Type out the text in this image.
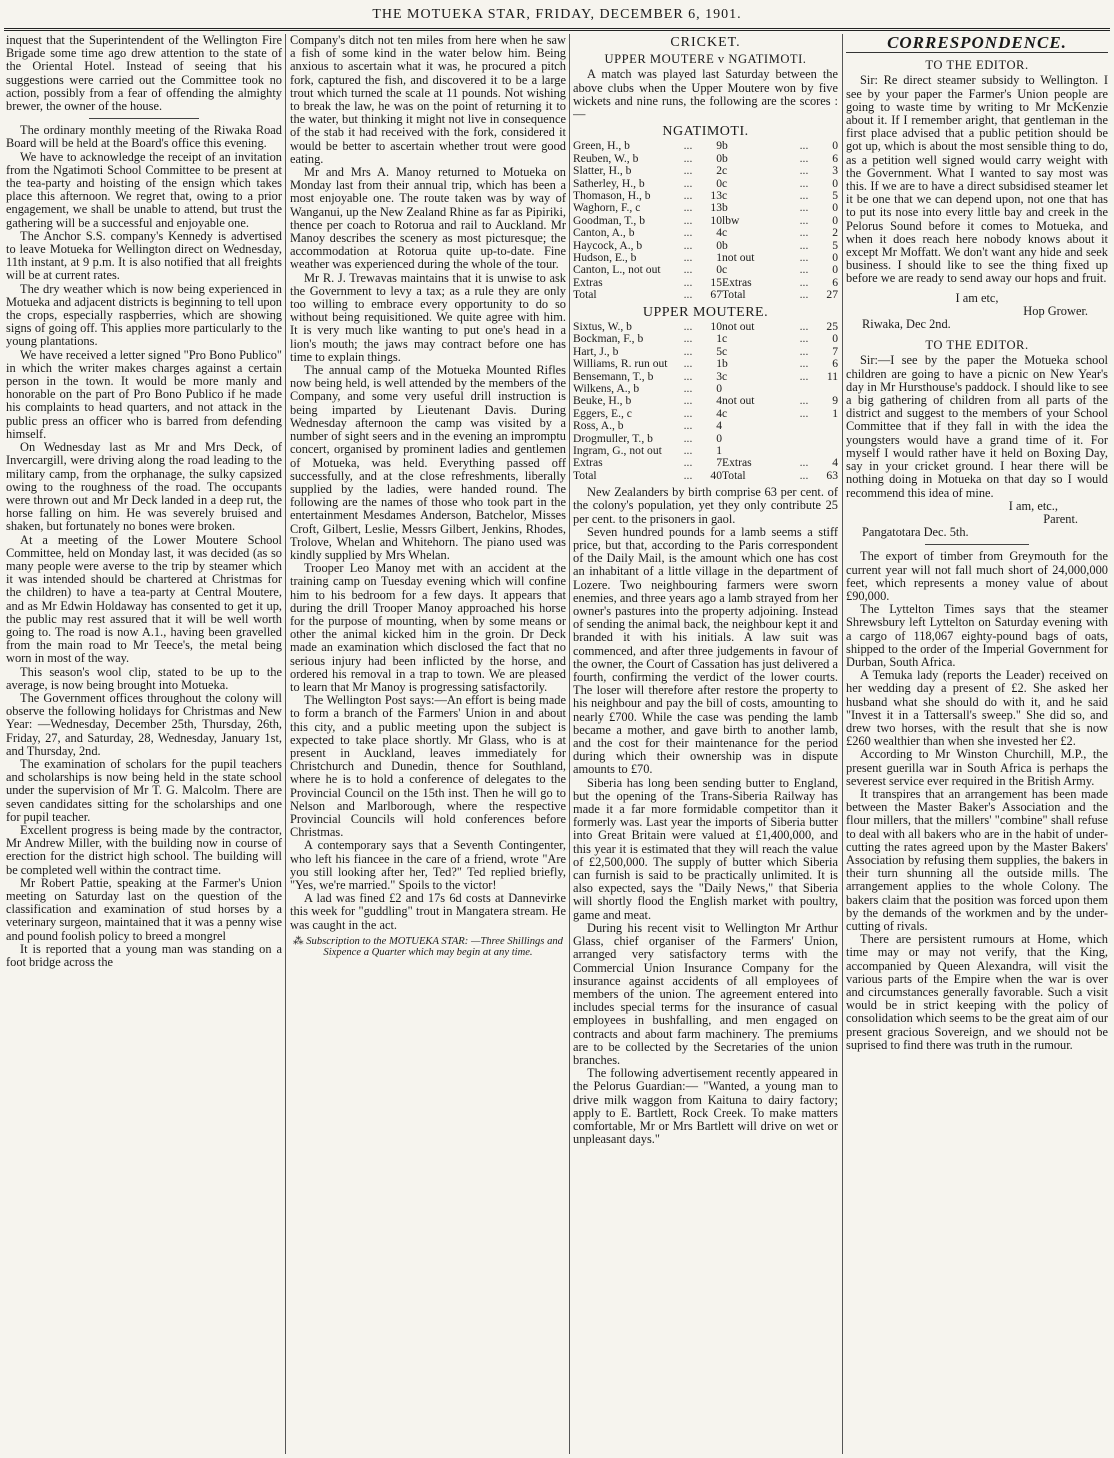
THE MOTUEKA STAR, FRIDAY, DECEMBER 6, 1901.

inquest that the Superintendent of the Wellington Fire Brigade some time ago drew attention to the state of the Oriental Hotel. Instead of seeing that his suggestions were carried out the Committee took no action, possibly from a fear of offending the almighty brewer, the owner of the house.

The ordinary monthly meeting of the Riwaka Road Board will be held at the Board's office this evening.

We have to acknowledge the receipt of an invitation from the Ngatimoti School Committee to be present at the tea-party and hoisting of the ensign which takes place this afternoon. We regret that, owing to a prior engagement, we shall be unable to attend, but trust the gathering will be a successful and enjoyable one.

The Anchor S.S. company's Kennedy is advertised to leave Motueka for Wellington direct on Wednesday, 11th instant, at 9 p.m. It is also notified that all freights will be at current rates.

The dry weather which is now being experienced in Motueka and adjacent districts is beginning to tell upon the crops, especially raspberries, which are showing signs of going off. This applies more particularly to the young plantations.

We have received a letter signed "Pro Bono Publico" in which the writer makes charges against a certain person in the town. It would be more manly and honorable on the part of Pro Bono Publico if he made his complaints to head quarters, and not attack in the public press an officer who is barred from defending himself.

On Wednesday last as Mr and Mrs Deck, of Invercargill, were driving along the road leading to the military camp, from the orphanage, the sulky capsized owing to the roughness of the road. The occupants were thrown out and Mr Deck landed in a deep rut, the horse falling on him. He was severely bruised and shaken, but fortunately no bones were broken.

At a meeting of the Lower Moutere School Committee, held on Monday last, it was decided (as so many people were averse to the trip by steamer which it was intended should be chartered at Christmas for the children) to have a tea-party at Central Moutere, and as Mr Edwin Holdaway has consented to get it up, the public may rest assured that it will be well worth going to. The road is now A.1., having been gravelled from the main road to Mr Teece's, the metal being worn in most of the way.

This season's wool clip, stated to be up to the average, is now being brought into Motueka.

The Government offices throughout the colony will observe the following holidays for Christmas and New Year: —Wednesday, December 25th, Thursday, 26th, Friday, 27, and Saturday, 28, Wednesday, January 1st, and Thursday, 2nd.

The examination of scholars for the pupil teachers and scholarships is now being held in the state school under the supervision of Mr T. G. Malcolm. There are seven candidates sitting for the scholarships and one for pupil teacher.

Excellent progress is being made by the contractor, Mr Andrew Miller, with the building now in course of erection for the district high school. The building will be completed well within the contract time.

Mr Robert Pattie, speaking at the Farmer's Union meeting on Saturday last on the question of the classification and examination of stud horses by a veterinary surgeon, maintained that it was a penny wise and pound foolish policy to breed a mongrel

It is reported that a young man was standing on a foot bridge across the

Company's ditch not ten miles from here when he saw a fish of some kind in the water below him. Being anxious to ascertain what it was, he procured a pitch fork, captured the fish, and discovered it to be a large trout which turned the scale at 11 pounds. Not wishing to break the law, he was on the point of returning it to the water, but thinking it might not live in consequence of the stab it had received with the fork, considered it would be better to ascertain whether trout were good eating.

Mr and Mrs A. Manoy returned to Motueka on Monday last from their annual trip, which has been a most enjoyable one. The route taken was by way of Wanganui, up the New Zealand Rhine as far as Pipiriki, thence per coach to Rotorua and rail to Auckland. Mr Manoy describes the scenery as most picturesque; the accommodation at Rotorua quite up-to-date. Fine weather was experienced during the whole of the tour.

Mr R. J. Trewavas maintains that it is unwise to ask the Government to levy a tax; as a rule they are only too willing to embrace every opportunity to do so without being requisitioned. We quite agree with him. It is very much like wanting to put one's head in a lion's mouth; the jaws may contract before one has time to explain things.

The annual camp of the Motueka Mounted Rifles now being held, is well attended by the members of the Company, and some very useful drill instruction is being imparted by Lieutenant Davis. During Wednesday afternoon the camp was visited by a number of sight seers and in the evening an impromptu concert, organised by prominent ladies and gentlemen of Motueka, was held. Everything passed off successfully, and at the close refreshments, liberally supplied by the ladies, were handed round. The following are the names of those who took part in the entertainment Mesdames Anderson, Batchelor, Misses Croft, Gilbert, Leslie, Messrs Gilbert, Jenkins, Rhodes, Trolove, Whelan and Whitehorn. The piano used was kindly supplied by Mrs Whelan.

Trooper Leo Manoy met with an accident at the training camp on Tuesday evening which will confine him to his bedroom for a few days. It appears that during the drill Trooper Manoy approached his horse for the purpose of mounting, when by some means or other the animal kicked him in the groin. Dr Deck made an examination which disclosed the fact that no serious injury had been inflicted by the horse, and ordered his removal in a trap to town. We are pleased to learn that Mr Manoy is progressing satisfactorily.

The Wellington Post says:—An effort is being made to form a branch of the Farmers' Union in and about this city, and a public meeting upon the subject is expected to take place shortly. Mr Glass, who is at present in Auckland, leaves immediately for Christchurch and Dunedin, thence for Southland, where he is to hold a conference of delegates to the Provincial Council on the 15th inst. Then he will go to Nelson and Marlborough, where the respective Provincial Councils will hold conferences before Christmas.

A contemporary says that a Seventh Contingenter, who left his fiancee in the care of a friend, wrote "Are you still looking after her, Ted?" Ted replied briefly, "Yes, we're married." Spoils to the victor!

A lad was fined £2 and 17s 6d costs at Dannevirke this week for "guddling" trout in Mangatera stream. He was caught in the act.

⁂ Subscription to the MOTUEKA STAR: —Three Shillings and Sixpence a Quarter which may begin at any time.
CRICKET.
UPPER MOUTERE v NGATIMOTI.

A match was played last Saturday between the above clubs when the Upper Moutere won by five wickets and nine runs, the following are the scores :—

NGATIMOTI.
Green, H., b	...	9	b	...	0
Reuben, W., b	...	0	b	...	6
Slatter, H., b	...	2	c	...	3
Satherley, H., b	...	0	c	...	0
Thomason, H., b	...	13	c	...	5
Waghorn, F., c	...	13	b	...	0
Goodman, T., b	...	10	lbw	...	0
Canton, A., b	...	4	c	...	2
Haycock, A., b	...	0	b	...	5
Hudson, E., b	...	1	not out	...	0
Canton, L., not out	...	0	c	...	0
Extras	...	15	Extras	...	6
Total	...	67	Total	...	27
UPPER MOUTERE.
Sixtus, W., b	...	10	not out	...	25
Bockman, F., b	...	1	c	...	0
Hart, J., b	...	5	c	...	7
Williams, R. run out	...	1	b	...	6
Bensemann, T., b	...	3	c	...	11
Wilkens, A., b	...	0			
Beuke, H., b	...	4	not out	...	9
Eggers, E., c	...	4	c	...	1
Ross, A., b	...	4			
Drogmuller, T., b	...	0			
Ingram, G., not out	...	1			
Extras	...	7	Extras	...	4
Total	...	40	Total	...	63

New Zealanders by birth comprise 63 per cent. of the colony's population, yet they only contribute 25 per cent. to the prisoners in gaol.

Seven hundred pounds for a lamb seems a stiff price, but that, according to the Paris correspondent of the Daily Mail, is the amount which one has cost an inhabitant of a little village in the department of Lozere. Two neighbouring farmers were sworn enemies, and three years ago a lamb strayed from her owner's pastures into the property adjoining. Instead of sending the animal back, the neighbour kept it and branded it with his initials. A law suit was commenced, and after three judgements in favour of the owner, the Court of Cassation has just delivered a fourth, confirming the verdict of the lower courts. The loser will therefore after restore the property to his neighbour and pay the bill of costs, amounting to nearly £700. While the case was pending the lamb became a mother, and gave birth to another lamb, and the cost for their maintenance for the period during which their ownership was in dispute amounts to £70.

Siberia has long been sending butter to England, but the opening of the Trans-Siberia Railway has made it a far more formidable competitor than it formerly was. Last year the imports of Siberia butter into Great Britain were valued at £1,400,000, and this year it is estimated that they will reach the value of £2,500,000. The supply of butter which Siberia can furnish is said to be practically unlimited. It is also expected, says the "Daily News," that Siberia will shortly flood the English market with poultry, game and meat.

During his recent visit to Wellington Mr Arthur Glass, chief organiser of the Farmers' Union, arranged very satisfactory terms with the Commercial Union Insurance Company for the insurance against accidents of all employees of members of the union. The agreement entered into includes special terms for the insurance of casual employees in bushfalling, and men engaged on contracts and about farm machinery. The premiums are to be collected by the Secretaries of the union branches.

The following advertisement recently appeared in the Pelorus Guardian:— "Wanted, a young man to drive milk waggon from Kaituna to dairy factory; apply to E. Bartlett, Rock Creek. To make matters comfortable, Mr or Mrs Bartlett will drive on wet or unpleasant days."

CORRESPONDENCE.
TO THE EDITOR.

Sir: Re direct steamer subsidy to Wellington. I see by your paper the Farmer's Union people are going to waste time by writing to Mr McKenzie about it. If I remember aright, that gentleman in the first place advised that a public petition should be got up, which is about the most sensible thing to do, as a petition well signed would carry weight with the Government. What I wanted to say most was this. If we are to have a direct subsidised steamer let it be one that we can depend upon, not one that has to put its nose into every little bay and creek in the Pelorus Sound before it comes to Motueka, and when it does reach here nobody knows about it except Mr Moffatt. We don't want any hide and seek business. I should like to see the thing fixed up before we are ready to send away our hops and fruit.

I am etc,
Hop Grower.
Riwaka, Dec 2nd.
TO THE EDITOR.

Sir:—I see by the paper the Motueka school children are going to have a picnic on New Year's day in Mr Hursthouse's paddock. I should like to see a big gathering of children from all parts of the district and suggest to the members of your School Committee that if they fall in with the idea the youngsters would have a grand time of it. For myself I would rather have it held on Boxing Day, say in your cricket ground. I hear there will be nothing doing in Motueka on that day so I would recommend this idea of mine.

I am, etc.,
Parent.
Pangatotara Dec. 5th.

The export of timber from Greymouth for the current year will not fall much short of 24,000,000 feet, which represents a money value of about £90,000.

The Lyttelton Times says that the steamer Shrewsbury left Lyttelton on Saturday evening with a cargo of 118,067 eighty-pound bags of oats, shipped to the order of the Imperial Government for Durban, South Africa.

A Temuka lady (reports the Leader) received on her wedding day a present of £2. She asked her husband what she should do with it, and he said "Invest it in a Tattersall's sweep." She did so, and drew two horses, with the result that she is now £260 wealthier than when she invested her £2.

According to Mr Winston Churchill, M.P., the present guerilla war in South Africa is perhaps the severest service ever required in the British Army.

It transpires that an arrangement has been made between the Master Baker's Association and the flour millers, that the millers' "combine" shall refuse to deal with all bakers who are in the habit of under-cutting the rates agreed upon by the Master Bakers' Association by refusing them supplies, the bakers in their turn shunning all the outside mills. The arrangement applies to the whole Colony. The bakers claim that the position was forced upon them by the demands of the workmen and by the under-cutting of rivals.

There are persistent rumours at Home, which time may or may not verify, that the King, accompanied by Queen Alexandra, will visit the various parts of the Empire when the war is over and circumstances generally favorable. Such a visit would be in strict keeping with the policy of consolidation which seems to be the great aim of our present gracious Sovereign, and we should not be suprised to find there was truth in the rumour.
